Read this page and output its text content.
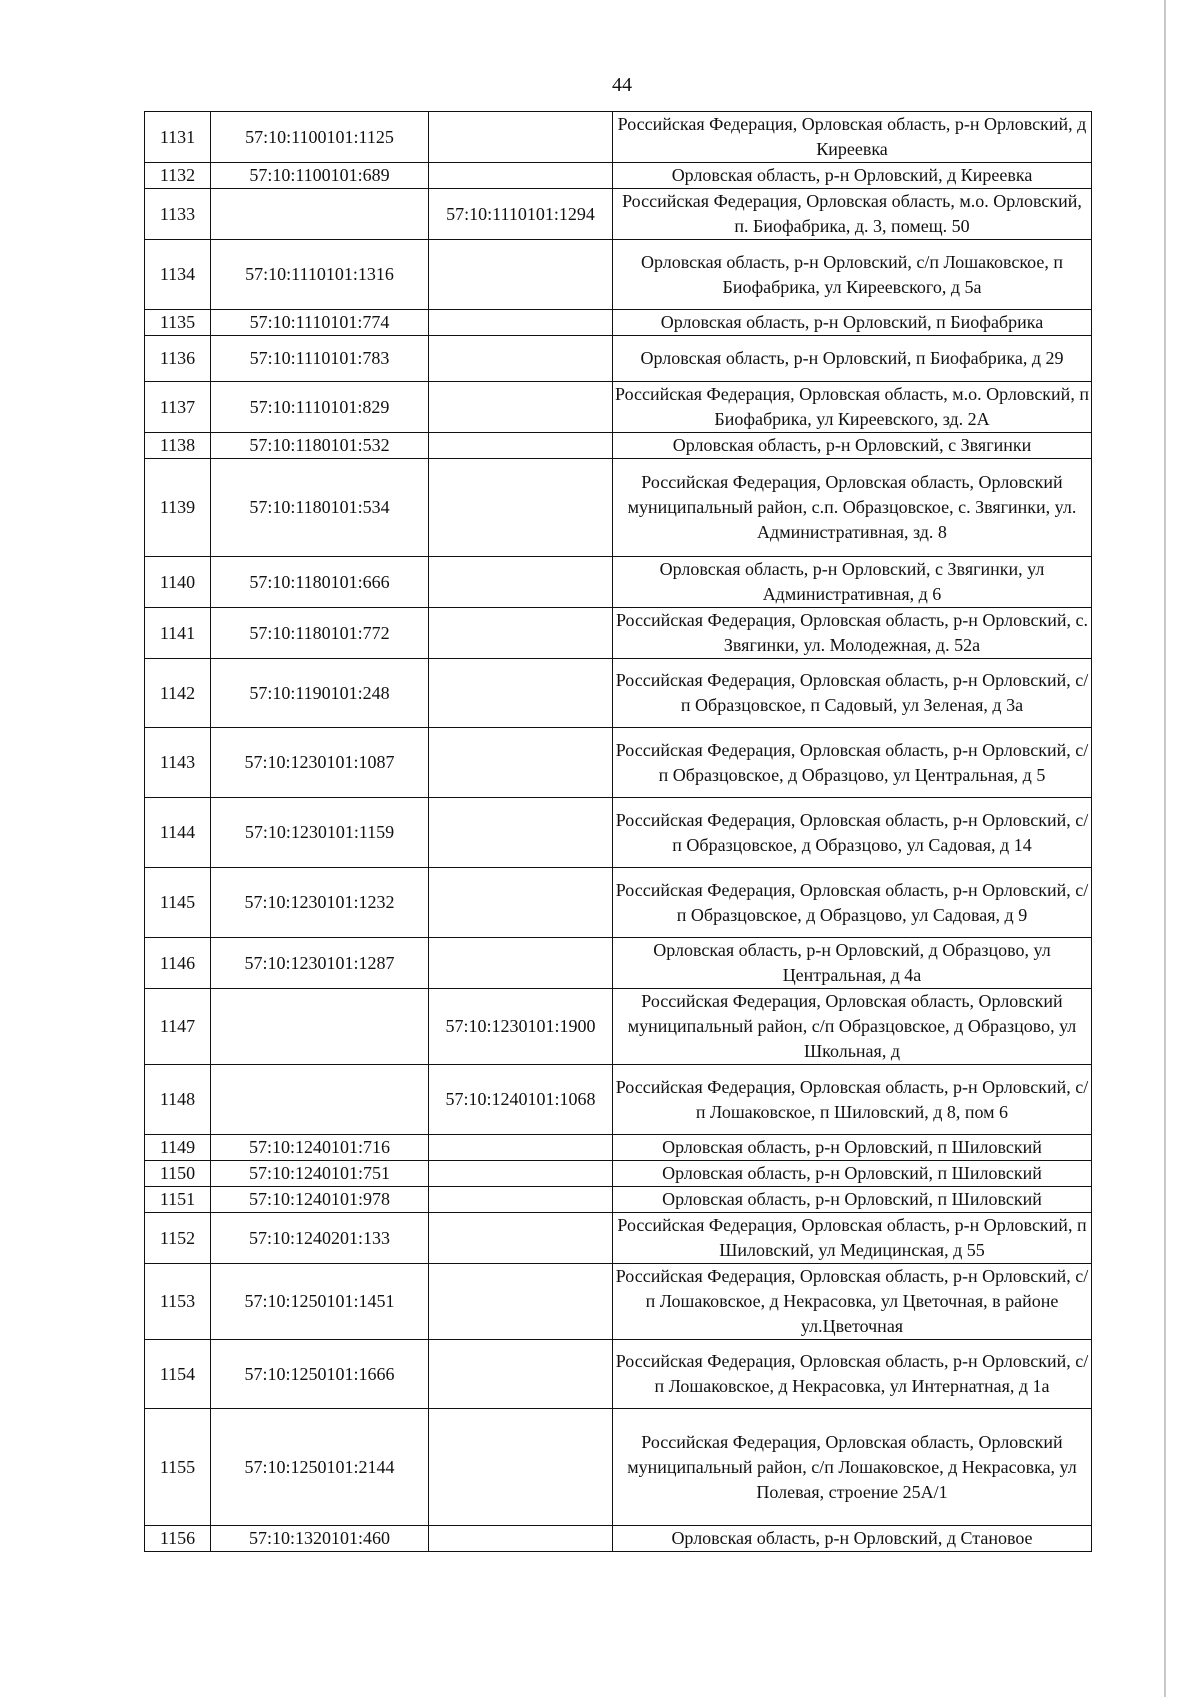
44
1131	57:10:1100101:1125		Российская Федерация, Орловская область, р-н Орловский, д Киреевка
1132	57:10:1100101:689		Орловская область, р-н Орловский, д Киреевка
1133		57:10:1110101:1294	Российская Федерация, Орловская область, м.о. Орловский, п. Биофабрика, д. 3, помещ. 50
1134	57:10:1110101:1316		Орловская область, р-н Орловский, с/п Лошаковское, п Биофабрика, ул Киреевского, д 5а
1135	57:10:1110101:774		Орловская область, р-н Орловский, п Биофабрика
1136	57:10:1110101:783		Орловская область, р-н Орловский, п Биофабрика, д 29
1137	57:10:1110101:829		Российская Федерация, Орловская область, м.о. Орловский, п Биофабрика, ул Киреевского, зд. 2А
1138	57:10:1180101:532		Орловская область, р-н Орловский, с Звягинки
1139	57:10:1180101:534		Российская Федерация, Орловская область, Орловский муниципальный район, с.п. Образцовское, с. Звягинки, ул. Административная, зд. 8
1140	57:10:1180101:666		Орловская область, р-н Орловский, с Звягинки, ул Административная, д 6
1141	57:10:1180101:772		Российская Федерация, Орловская область, р-н Орловский, с. Звягинки, ул. Молодежная, д. 52а
1142	57:10:1190101:248		Российская Федерация, Орловская область, р-н Орловский, с/п Образцовское, п Садовый, ул Зеленая, д 3а
1143	57:10:1230101:1087		Российская Федерация, Орловская область, р-н Орловский, с/п Образцовское, д Образцово, ул Центральная, д 5
1144	57:10:1230101:1159		Российская Федерация, Орловская область, р-н Орловский, с/п Образцовское, д Образцово, ул Садовая, д 14
1145	57:10:1230101:1232		Российская Федерация, Орловская область, р-н Орловский, с/п Образцовское, д Образцово, ул Садовая, д 9
1146	57:10:1230101:1287		Орловская область, р-н Орловский, д Образцово, ул Центральная, д 4а
1147		57:10:1230101:1900	Российская Федерация, Орловская область, Орловский муниципальный район, с/п Образцовское, д Образцово, ул Школьная, д
1148		57:10:1240101:1068	Российская Федерация, Орловская область, р-н Орловский, с/п Лошаковское, п Шиловский, д 8, пом 6
1149	57:10:1240101:716		Орловская область, р-н Орловский, п Шиловский
1150	57:10:1240101:751		Орловская область, р-н Орловский, п Шиловский
1151	57:10:1240101:978		Орловская область, р-н Орловский, п Шиловский
1152	57:10:1240201:133		Российская Федерация, Орловская область, р-н Орловский, п Шиловский, ул Медицинская, д 55
1153	57:10:1250101:1451		Российская Федерация, Орловская область, р-н Орловский, с/п Лошаковское, д Некрасовка, ул Цветочная, в районе ул.Цветочная
1154	57:10:1250101:1666		Российская Федерация, Орловская область, р-н Орловский, с/п Лошаковское, д Некрасовка, ул Интернатная, д 1а
1155	57:10:1250101:2144		Российская Федерация, Орловская область, Орловский муниципальный район, с/п Лошаковское, д Некрасовка, ул Полевая, строение 25А/1
1156	57:10:1320101:460		Орловская область, р-н Орловский, д Становое
